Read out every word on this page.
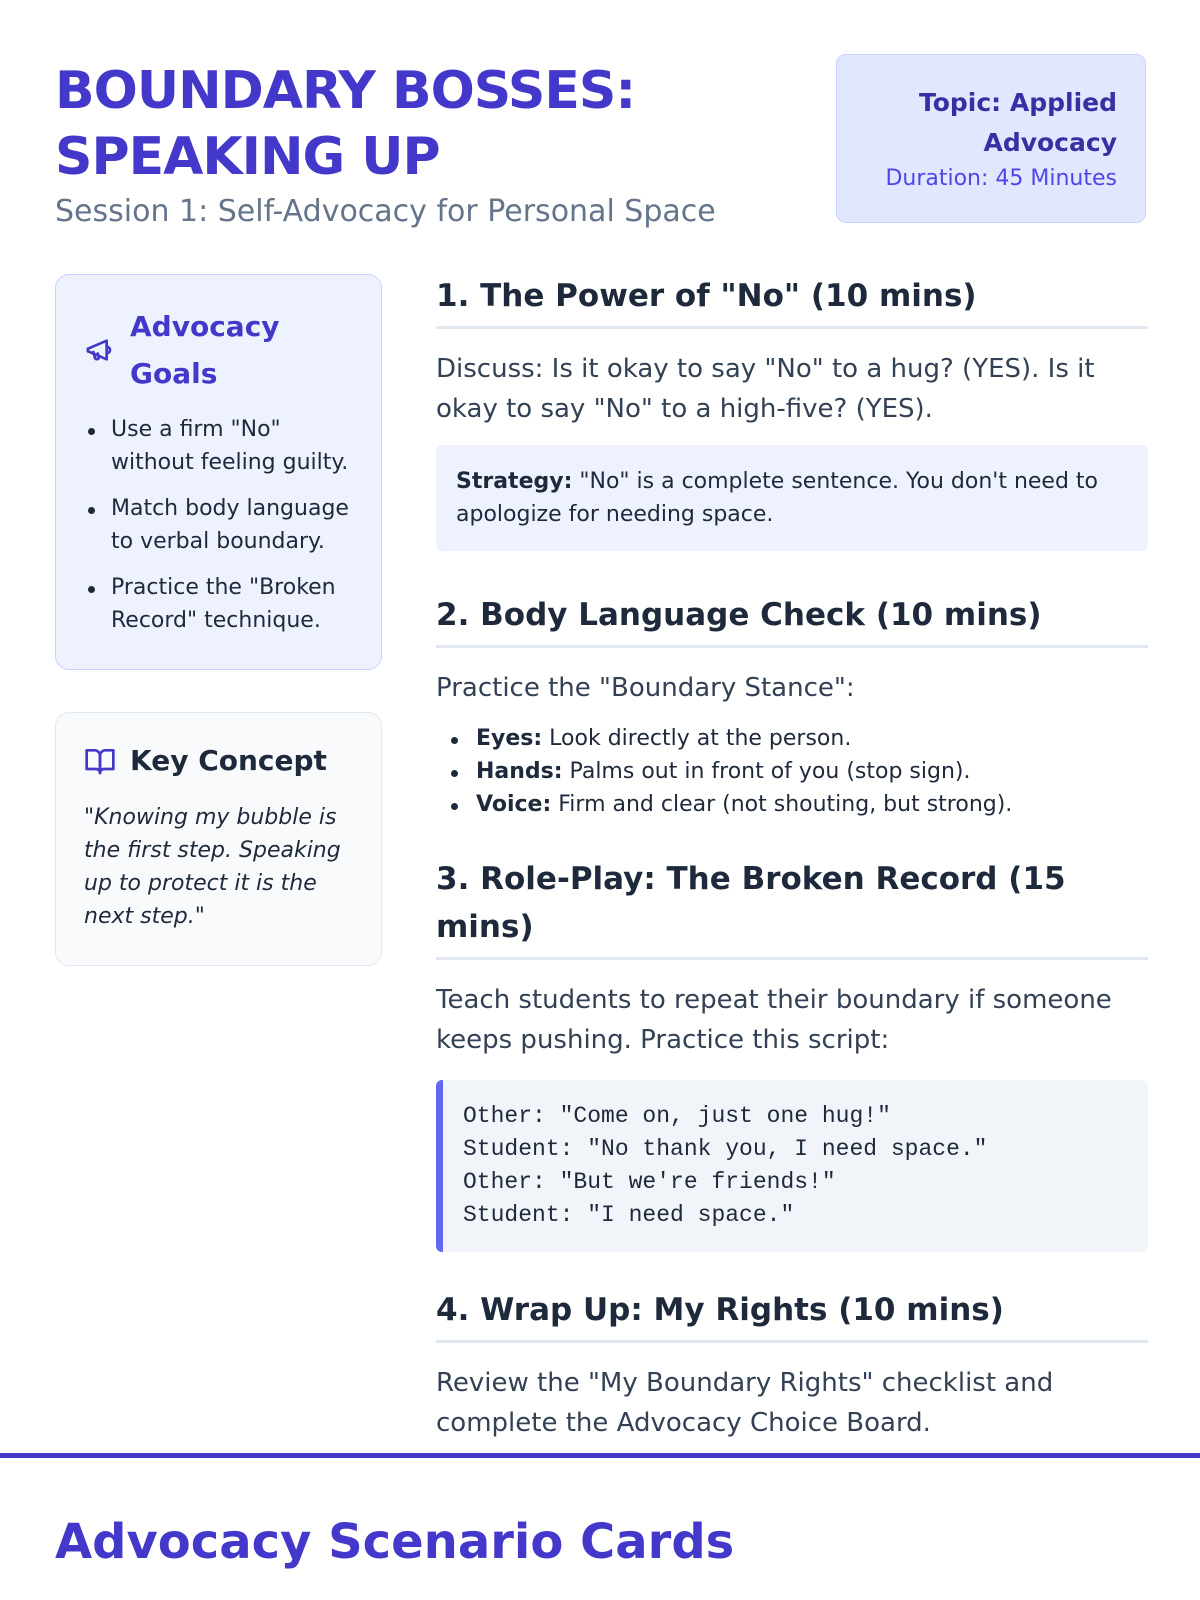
BOUNDARY BOSSES:
SPEAKING UP
Session 1: Self-Advocacy for Personal Space
Topic: Applied
Advocacy
Duration: 45 Minutes
Advocacy
Goals
Use a firm "No" without feeling guilty.
Match body language to verbal boundary.
Practice the "Broken Record" technique.
Key Concept
"Knowing my bubble is the first step. Speaking up to protect it is the next step."
1. The Power of "No" (10 mins)
Discuss: Is it okay to say "No" to a hug? (YES). Is it okay to say "No" to a high-five? (YES).
Strategy: "No" is a complete sentence. You don't need to apologize for needing space.
2. Body Language Check (10 mins)
Practice the "Boundary Stance":
Eyes: Look directly at the person.
Hands: Palms out in front of you (stop sign).
Voice: Firm and clear (not shouting, but strong).
3. Role-Play: The Broken Record (15 mins)
Teach students to repeat their boundary if someone keeps pushing. Practice this script:
Other: "Come on, just one hug!"
Student: "No thank you, I need space."
Other: "But we're friends!"
Student: "I need space."
4. Wrap Up: My Rights (10 mins)
Review the "My Boundary Rights" checklist and complete the Advocacy Choice Board.
Advocacy Scenario Cards
